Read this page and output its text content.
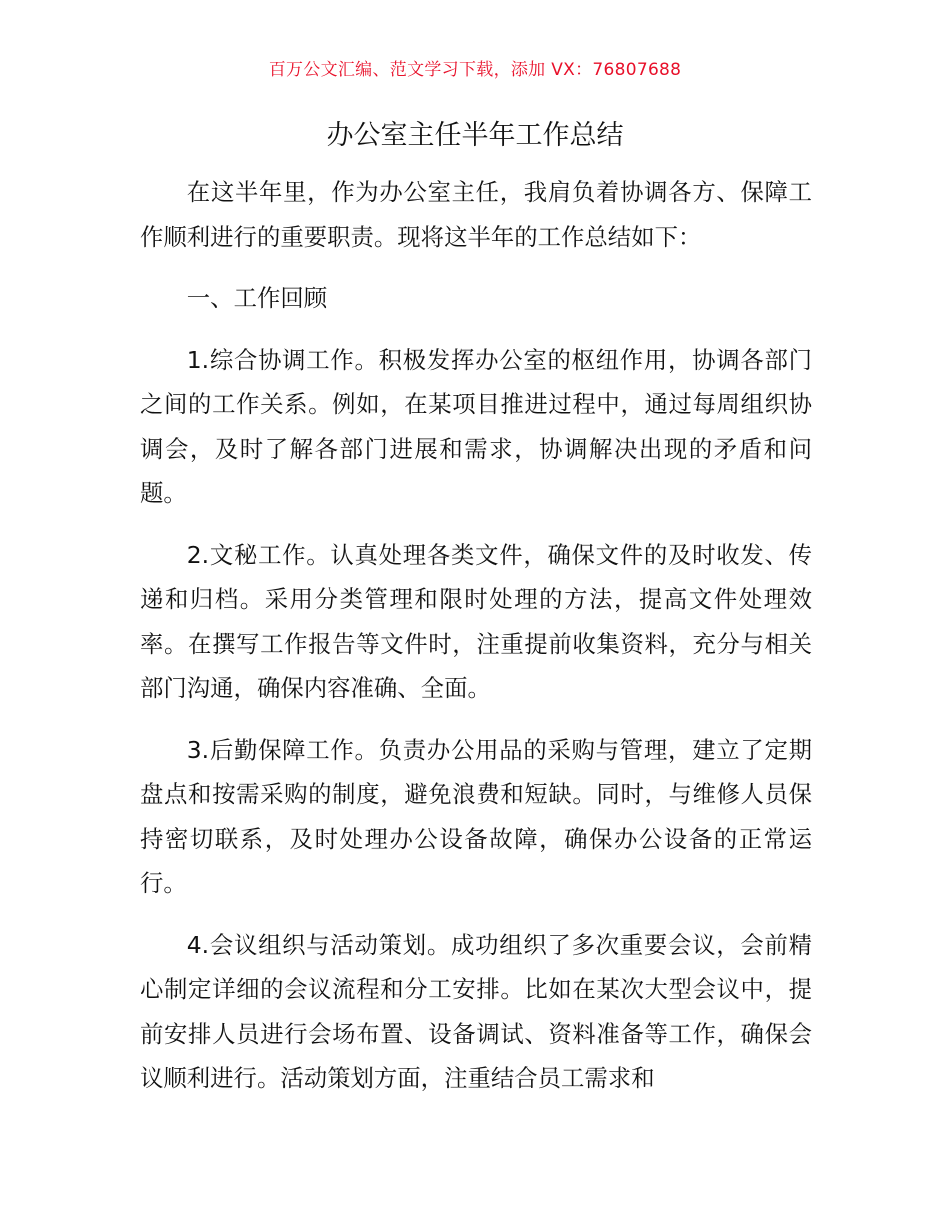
百万公文汇编、范文学习下载，添加 VX：76807688
办公室主任半年工作总结

在这半年里，作为办公室主任，我肩负着协调各方、保障工作顺利进行的重要职责。现将这半年的工作总结如下：

一、工作回顾

1.综合协调工作。积极发挥办公室的枢纽作用，协调各部门之间的工作关系。例如，在某项目推进过程中，通过每周组织协调会，及时了解各部门进展和需求，协调解决出现的矛盾和问题。

2.文秘工作。认真处理各类文件，确保文件的及时收发、传递和归档。采用分类管理和限时处理的方法，提高文件处理效率。在撰写工作报告等文件时，注重提前收集资料，充分与相关部门沟通，确保内容准确、全面。

3.后勤保障工作。负责办公用品的采购与管理，建立了定期盘点和按需采购的制度，避免浪费和短缺。同时，与维修人员保持密切联系，及时处理办公设备故障，确保办公设备的正常运行。

4.会议组织与活动策划。成功组织了多次重要会议，会前精心制定详细的会议流程和分工安排。比如在某次大型会议中，提前安排人员进行会场布置、设备调试、资料准备等工作，确保会议顺利进行。活动策划方面，注重结合员工需求和
